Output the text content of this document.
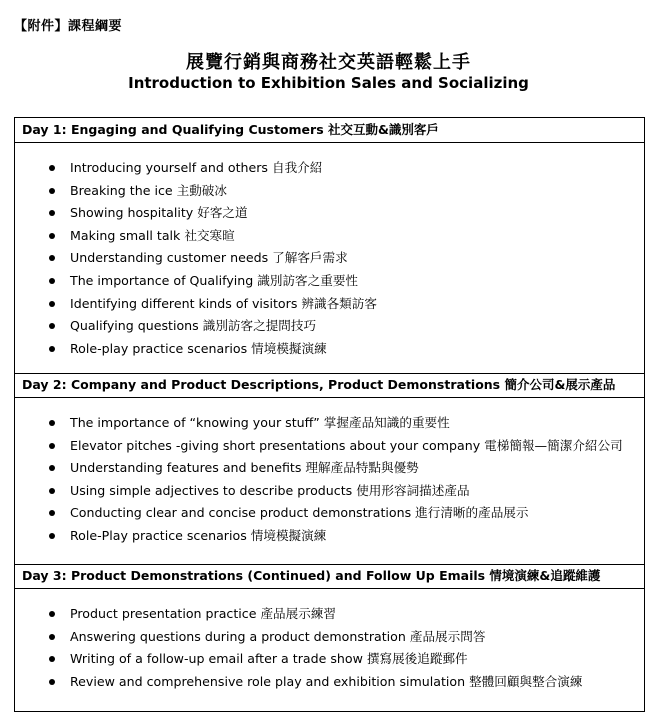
【附件】課程綱要
展覽行銷與商務社交英語輕鬆上手
Introduction to Exhibition Sales and Socializing
Day 1: Engaging and Qualifying Customers 社交互動&識別客戶
Introducing yourself and others 自我介紹
Breaking the ice 主動破冰
Showing hospitality 好客之道
Making small talk 社交寒暄
Understanding customer needs 了解客戶需求
The importance of Qualifying 識別訪客之重要性
Identifying different kinds of visitors 辨識各類訪客
Qualifying questions 識別訪客之提問技巧
Role-play practice scenarios 情境模擬演練
Day 2: Company and Product Descriptions, Product Demonstrations 簡介公司&展示產品
The importance of “knowing your stuff” 掌握產品知識的重要性
Elevator pitches -giving short presentations about your company 電梯簡報—簡潔介紹公司
Understanding features and benefits 理解產品特點與優勢
Using simple adjectives to describe products 使用形容詞描述產品
Conducting clear and concise product demonstrations 進行清晰的產品展示
Role-Play practice scenarios 情境模擬演練
Day 3: Product Demonstrations (Continued) and Follow Up Emails 情境演練&追蹤維護
Product presentation practice 產品展示練習
Answering questions during a product demonstration 產品展示問答
Writing of a follow-up email after a trade show 撰寫展後追蹤郵件
Review and comprehensive role play and exhibition simulation 整體回顧與整合演練
